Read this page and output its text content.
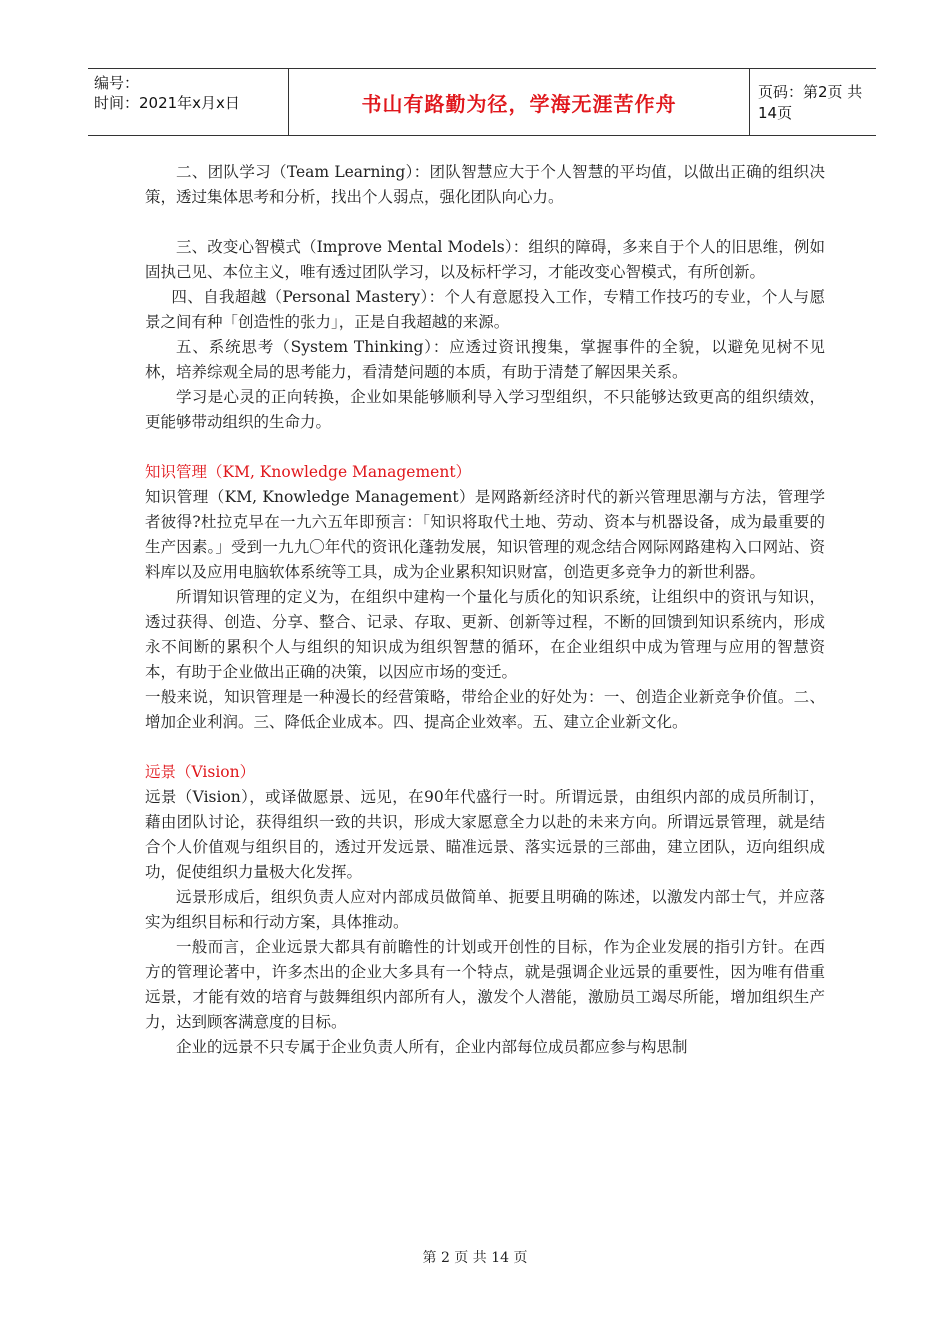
编号：
时间：2021年x月x日	书山有路勤为径，学海无涯苦作舟	页码：第2页 共14页

二、团队学习（Team Learning）：团队智慧应大于个人智慧的平均值，以做出正确的组织决策，透过集体思考和分析，找出个人弱点，强化团队向心力。

三、改变心智模式（Improve Mental Models）：组织的障碍，多来自于个人的旧思维，例如固执己见、本位主义，唯有透过团队学习，以及标杆学习，才能改变心智模式，有所创新。

四、自我超越（Personal Mastery）：个人有意愿投入工作，专精工作技巧的专业，个人与愿景之间有种「创造性的张力」，正是自我超越的来源。

五、系统思考（System Thinking）：应透过资讯搜集，掌握事件的全貌，以避免见树不见林，培养综观全局的思考能力，看清楚问题的本质，有助于清楚了解因果关系。

学习是心灵的正向转换，企业如果能够顺利导入学习型组织，不只能够达致更高的组织绩效，更能够带动组织的生命力。

知识管理（KM, Knowledge Management）

知识管理（KM, Knowledge Management）是网路新经济时代的新兴管理思潮与方法，管理学者彼得?杜拉克早在一九六五年即预言：「知识将取代土地、劳动、资本与机器设备，成为最重要的生产因素。」受到一九九〇年代的资讯化蓬勃发展，知识管理的观念结合网际网路建构入口网站、资料库以及应用电脑软体系统等工具，成为企业累积知识财富，创造更多竞争力的新世利器。

所谓知识管理的定义为，在组织中建构一个量化与质化的知识系统，让组织中的资讯与知识，透过获得、创造、分享、整合、记录、存取、更新、创新等过程，不断的回馈到知识系统内，形成永不间断的累积个人与组织的知识成为组织智慧的循环，在企业组织中成为管理与应用的智慧资本，有助于企业做出正确的决策，以因应市场的变迁。

一般来说，知识管理是一种漫长的经营策略，带给企业的好处为：一、创造企业新竞争价值。二、增加企业利润。三、降低企业成本。四、提高企业效率。五、建立企业新文化。

远景（Vision）

远景（Vision），或译做愿景、远见，在90年代盛行一时。所谓远景，由组织内部的成员所制订，藉由团队讨论，获得组织一致的共识，形成大家愿意全力以赴的未来方向。所谓远景管理，就是结合个人价值观与组织目的，透过开发远景、瞄准远景、落实远景的三部曲，建立团队，迈向组织成功，促使组织力量极大化发挥。

远景形成后，组织负责人应对内部成员做简单、扼要且明确的陈述，以激发内部士气，并应落实为组织目标和行动方案，具体推动。

一般而言，企业远景大都具有前瞻性的计划或开创性的目标，作为企业发展的指引方针。在西方的管理论著中，许多杰出的企业大多具有一个特点，就是强调企业远景的重要性，因为唯有借重远景，才能有效的培育与鼓舞组织内部所有人，激发个人潜能，激励员工竭尽所能，增加组织生产力，达到顾客满意度的目标。

企业的远景不只专属于企业负责人所有，企业内部每位成员都应参与构思制

第 2 页 共 14 页
